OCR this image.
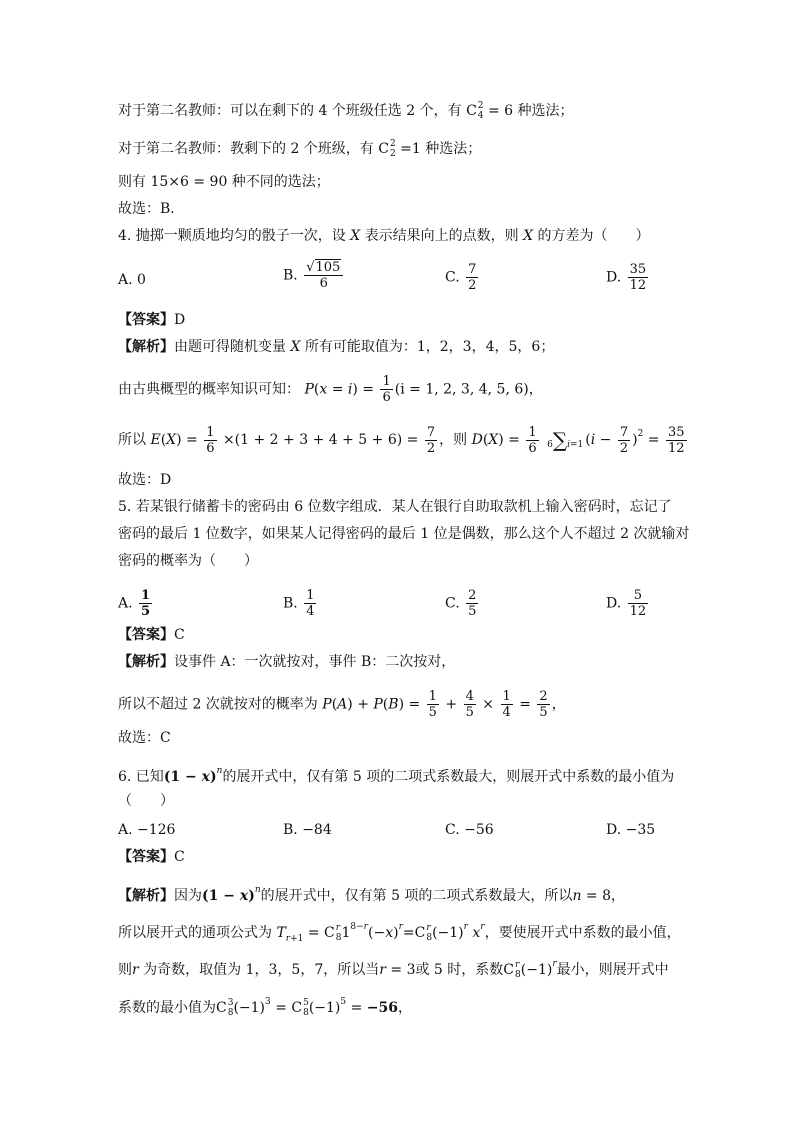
对于第二名教师：可以在剩下的 4 个班级任选 2 个，有 C 2
4 = 6 种选法；
对于第二名教师：教剩下的 2 个班级，有 C 2
2 =1 种选法；
则有 15×6 = 90 种不同的选法；
故选：B．
4. 抛掷一颗质地均匀的骰子一次，设 X 表示结果向上的点数，则 X 的方差为（　　）
A. 0	B. $\frac{√105}{6}$	C. $\frac{7}{2}$	D. $\frac{35}{12}$
【答案】D
【解析】由题可得随机变量 X 所有可能取值为：1，2，3，4，5，6；
由古典概型的概率知识可知： $P(x = i) = \frac{1}{6} (i = 1$, 2, 3, 4, 5, 6)，
所以 $E(X) = \frac{1}{6} \times(1 + 2 + 3 + 4 + 5 + 6) = \frac{7}{2}$ ，则 $D(X) = \frac{1}{6} 6\sum i=1$ $(i - \frac{7}{2} )^2 = \frac{35}{12}$
故选：D
5. 若某银行储蓄卡的密码由 6 位数字组成．某人在银行自助取款机上输入密码时，忘记了
密码的最后 1 位数字，如果某人记得密码的最后 1 位是偶数，那么这个人不超过 2 次就输对
密码的概率为（　　）
A. $\frac{1}{5}$	B. $\frac{1}{4}$	C. $\frac{2}{5}$	D. $\frac{5}{12}$
【答案】C
【解析】设事件 A：一次就按对，事件 B：二次按对，
所以不超过 2 次就按对的概率为 $P(A) + P(B) = \frac{1}{5} + \frac{4}{5} \times \frac{1}{4} = \frac{2}{5}$ ，
故选：C
6. 已知$(1 - x)^n$的展开式中，仅有第 5 项的二项式系数最大，则展开式中系数的最小值为
（　　）
A. −126	B. −84	C. −56	D. −35
【答案】C
【解析】因为$(1 - x)^n$的展开式中，仅有第 5 项的二项式系数最大，所以n = 8，
所以展开式的通项公式为 $T_{r+1} = C$ r
8 $1^{8-r}(-x)^r=C$ r
8 $(-1)^r$ $x^r$，要使展开式中系数的最小值，
则r 为奇数，取值为 1，3，5，7，所以当r = 3或 5 时，系数C r
8 $(-1)^r$最小，则展开式中
系数的最小值为C 3
8 $(-1)^3 = C$ 5
8 $(-1)^5 = -56$，
